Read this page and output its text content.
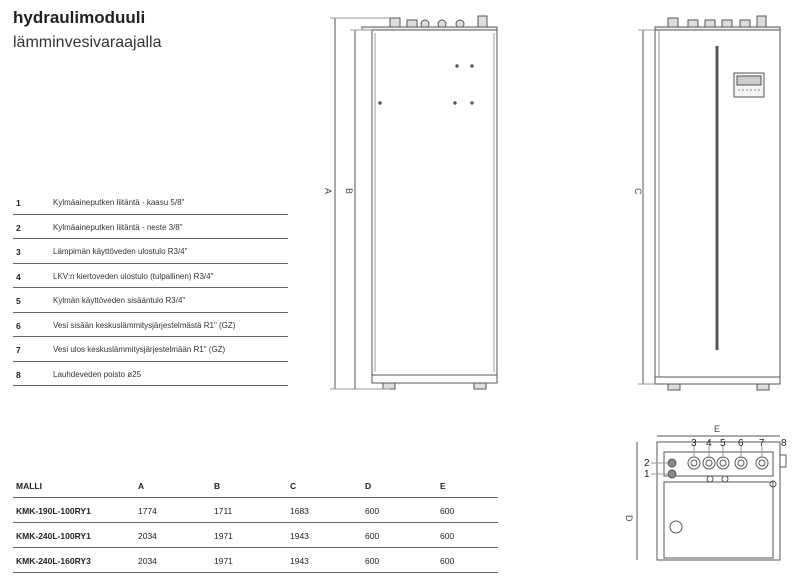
hydraulimoduuli
lämminvesivaraajalla
1	Kylmäaineputken liitäntä - kaasu 5/8"
2	Kylmäaineputken liitäntä - neste 3/8"
3	Lämpimän käyttöveden ulostulo R3/4"
4	LKV:n kiertoveden ulostulo (tulpallinen) R3/4"
5	Kylmän käyttöveden sisääntulo R3/4"
6	Vesi sisään keskuslämmitysjärjestelmästä R1" (GZ)
7	Vesi ulos keskuslämmitysjärjestelmään R1" (GZ)
8	Lauhdeveden poisto ø25
MALLI	A	B	C	D	E
KMK-190L-100RY1	1774	1711	1683	600	600
KMK-240L-100RY1	2034	1971	1943	600	600
KMK-240L-160RY3	2034	1971	1943	600	600
A B	C
D
E
2
1
3 4 5 6 7 8
